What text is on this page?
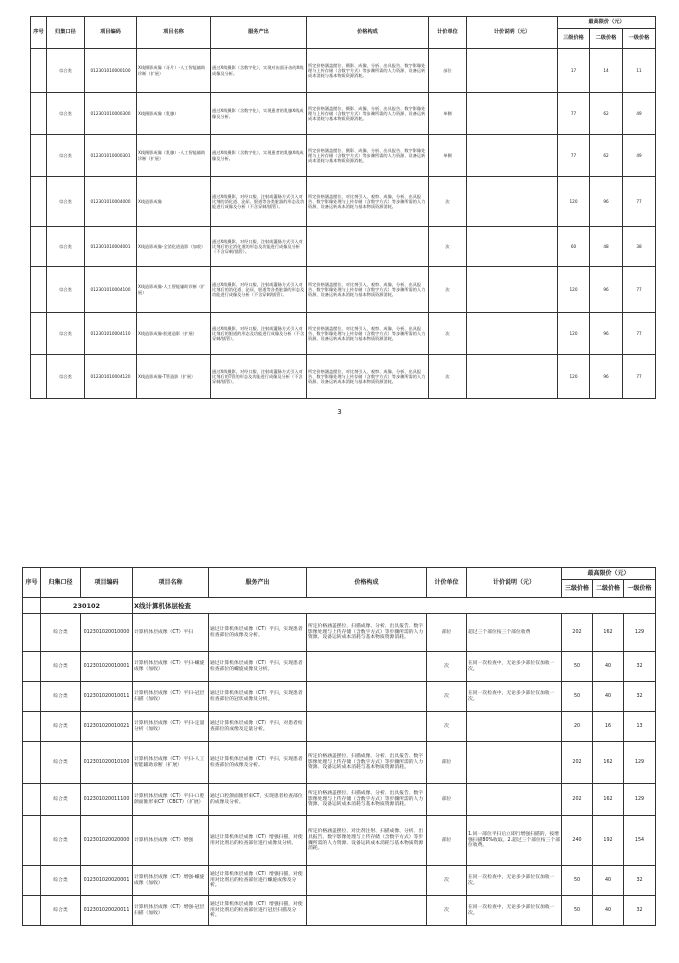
序号	归集口径	项目编码	项目名称	服务产出	价格构成	计价单位	计价说明（元）	最高限价（元）		
								三级价格	二级价格	一级价格
	综合类	012301010000100	X线摄影成像（牙片）-人工智能辅助诊断（扩展）	通过X线摄影（含数字化），实现对齿面牙齿的X线成像及分析。	所定价格涵盖摆位、摄影、成像、分析、出具报告、数字影像处理与上传存储（含数字方式）等步骤所需的人力资源、设备运转成本消耗与基本物质资源消耗。	部位		17	14	11
	综合类	012301010000300	X线摄影成像（乳腺）	通过X线摄影（含数字化），实现患者的乳腺X线成像及分析。	所定价格涵盖摆位、摄影、成像、分析、出具报告、数字影像处理与上传存储（含数字方式）等步骤所需的人力资源、设备运转成本消耗与基本物质资源消耗。	单侧		77	62	49
	综合类	012301010000301	X线摄影成像（乳腺）-人工智能辅助诊断（扩展）	通过X线摄影（含数字化），实现患者的乳腺X线成像及分析。	所定价格涵盖摆位、摄影、成像、分析、出具报告、数字影像处理与上传存储（含数字方式）等步骤所需的人力资源、设备运转成本消耗与基本物质资源消耗。	单侧		77	62	49
	综合类	012301010004000	X线造影成像	通过X线摄影，对经口服、注射或灌肠方式引入对比剂的消化道、泌尿、胆道等各类脏器的形态及功能进行成像及分析（不含穿刺/插管）。	所定价格涵盖摆位、对比剂引入、观察、成像、分析、出具报告、数字影像处理与上传存储（含数字方式）等步骤所需的人力资源、设备运转成本消耗与基本物质资源消耗。	次		120	96	77
	综合类	012301010004001	X线造影成像-全消化道造影（加收）	通过X线摄影，对经口服、注射或灌肠方式引入对比剂后的全消化道的形态及功能进行成像及分析（不含穿刺/插管）。		次		60	48	38
	综合类	012301010004100	X线造影成像-人工智能辅助诊断（扩展）	通过X线摄影，对经口服、注射或灌肠方式引入对比剂后的消化道、泌尿、胆道等各类脏器的形态及功能进行成像及分析（不含穿刺/插管）。	所定价格涵盖摆位、对比剂引入、观察、成像、分析、出具报告、数字影像处理与上传存储（含数字方式）等步骤所需的人力资源、设备运转成本消耗与基本物质资源消耗。	次		120	96	77
	综合类	012301010004110	X线造影成像-胆道造影（扩展）	通过X线摄影，对经口服、注射或灌肠方式引入对比剂后的胆道的形态及功能进行成像及分析（不含穿刺/插管）。	所定价格涵盖摆位、对比剂引入、观察、成像、分析、出具报告、数字影像处理与上传存储（含数字方式）等步骤所需的人力资源、设备运转成本消耗与基本物质资源消耗。	次		120	96	77
	综合类	012301010004120	X线造影成像-T管造影（扩展）	通过X线摄影，对经口服、注射或灌肠方式引入对比剂后的T管的形态及功能进行成像及分析（不含穿刺/插管）。	所定价格涵盖摆位、对比剂引入、观察、成像、分析、出具报告、数字影像处理与上传存储（含数字方式）等步骤所需的人力资源、设备运转成本消耗与基本物质资源消耗。	次		120	96	77
3
序号	归集口径	项目编码	项目名称	服务产出	价格构成	计价单位	计价说明（元）	最高限价（元）		
								三级价格	二级价格	一级价格
	230102		X线计算机体层检查							
	综合类	012301020010000	计算机体层成像（CT）平扫	通过计算机体层成像（CT）平扫，实现患者检查部位的成像及分析。	所定价格涵盖摆位、扫描成像、分析、出具报告、数字影像处理与上传存储（含数字方式）等步骤所需的人力资源、设备运转成本消耗与基本物质资源消耗。	部位	超过三个部位按三个部位收费	202	162	129
	综合类	012301020010001	计算机体层成像（CT）平扫-螺旋成像（加收）	通过计算机体层成像（CT）平扫，实现患者检查部位的螺旋成像及分析。		次	在同一次检查中，无论多少部位仅加收一次。	50	40	32
	综合类	012301020010011	计算机体层成像（CT）平扫-冠层扫描（加收）	通过计算机体层成像（CT）平扫，实现患者检查部位的冠状成像及分析。		次	在同一次检查中，无论多少部位仅加收一次。	50	40	32
	综合类	012301020010021	计算机体层成像（CT）平扫-定量分析（加收）	通过计算机体层成像（CT）平扫，对患者检查部位的成像及定量分析。		次		20	16	13
	综合类	012301020010100	计算机体层成像（CT）平扫-人工智能辅助诊断（扩展）	通过计算机体层成像（CT）平扫，实现患者检查部位的成像及分析。	所定价格涵盖摆位、扫描成像、分析、出具报告、数字影像处理与上传存储（含数字方式）等步骤所需的人力资源、设备运转成本消耗与基本物质资源消耗。	部位		202	162	129
	综合类	012301020011100	计算机体层成像（CT）平扫-口腔颌面锥形束CT（CBCT）（扩展）	通过口腔颌面锥形束CT，实现患者检查部位的成像及分析。	所定价格涵盖摆位、扫描成像、分析、出具报告、数字影像处理与上传存储（含数字方式）等步骤所需的人力资源、设备运转成本消耗与基本物质资源消耗。	部位		202	162	129
	综合类	012301020020000	计算机体层成像（CT）增强	通过计算机体层成像（CT）增强扫描，对使用对比剂后的检查部位进行成像及分析。	所定价格涵盖摆位、对比剂注射、扫描成像、分析、出具报告、数字影像处理与上传存储（含数字方式）等步骤所需的人力资源、设备运转成本消耗与基本物质资源消耗。	部位	1.同一部位平扫后立即行增强扫描的，按增强扫描80%收取。2.超过三个部位按三个部位收费。	240	192	154
	综合类	012301020020001	计算机体层成像（CT）增强-螺旋成像（加收）	通过计算机体层成像（CT）增强扫描，对使用对比剂后的检查部位进行螺旋成像及分析。		次	在同一次检查中，无论多少部位仅加收一次。	50	40	32
	综合类	012301020020011	计算机体层成像（CT）增强-冠层扫描（加收）	通过计算机体层成像（CT）增强扫描，对使用对比剂后的检查部位进行冠层扫描及分析。		次	在同一次检查中，无论多少部位仅加收一次。	50	40	32
